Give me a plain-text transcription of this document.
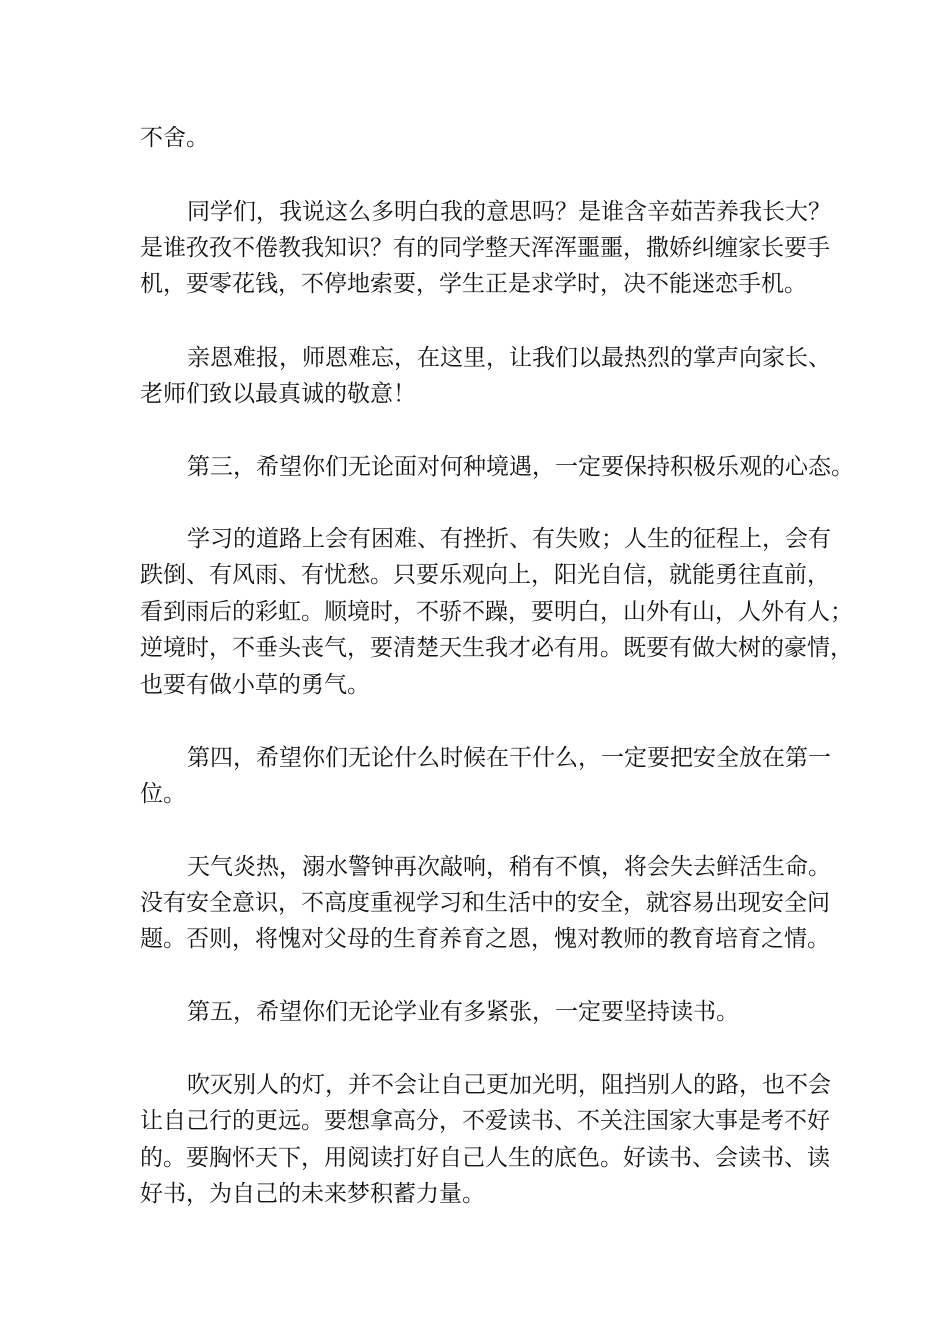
不舍。
同学们，我说这么多明白我的意思吗？是谁含辛茹苦养我长大？
是谁孜孜不倦教我知识？有的同学整天浑浑噩噩，撒娇纠缠家长要手
机，要零花钱，不停地索要，学生正是求学时，决不能迷恋手机。
亲恩难报，师恩难忘，在这里，让我们以最热烈的掌声向家长、
老师们致以最真诚的敬意！
第三，希望你们无论面对何种境遇，一定要保持积极乐观的心态。
学习的道路上会有困难、有挫折、有失败；人生的征程上，会有
跌倒、有风雨、有忧愁。只要乐观向上，阳光自信，就能勇往直前，
看到雨后的彩虹。顺境时，不骄不躁，要明白，山外有山，人外有人；
逆境时，不垂头丧气，要清楚天生我才必有用。既要有做大树的豪情，
也要有做小草的勇气。
第四，希望你们无论什么时候在干什么，一定要把安全放在第一
位。
天气炎热，溺水警钟再次敲响，稍有不慎，将会失去鲜活生命。
没有安全意识，不高度重视学习和生活中的安全，就容易出现安全问
题。否则，将愧对父母的生育养育之恩，愧对教师的教育培育之情。
第五，希望你们无论学业有多紧张，一定要坚持读书。
吹灭别人的灯，并不会让自己更加光明，阻挡别人的路，也不会
让自己行的更远。要想拿高分，不爱读书、不关注国家大事是考不好
的。要胸怀天下，用阅读打好自己人生的底色。好读书、会读书、读
好书，为自己的未来梦积蓄力量。
